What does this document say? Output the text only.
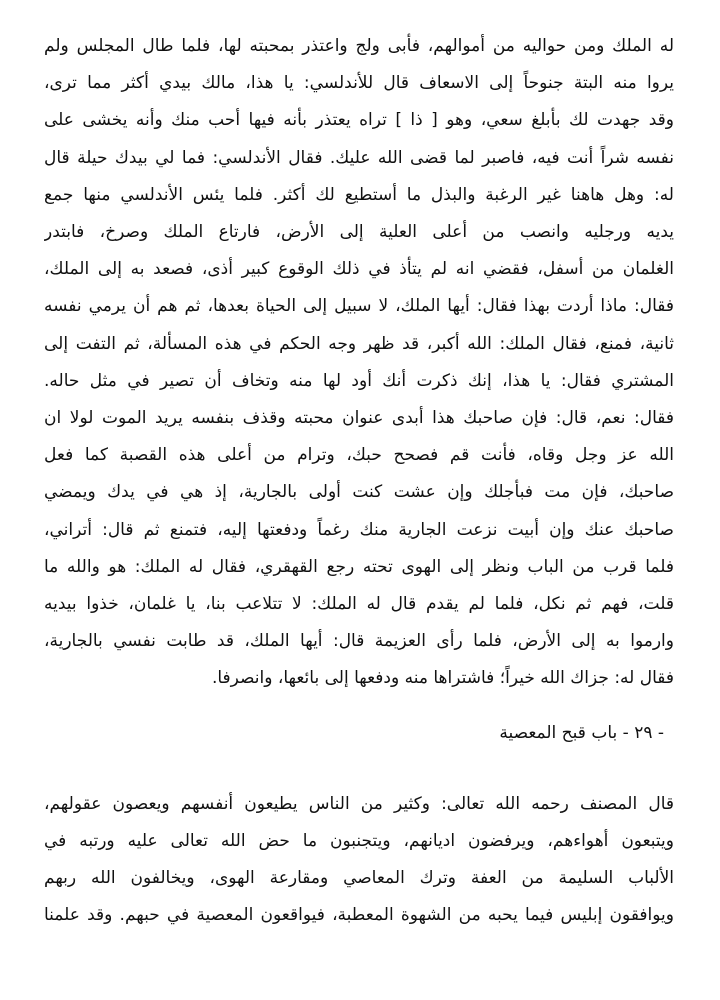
له الملك ومن حواليه من أموالهم، فأبى ولج واعتذر بمحبته لها، فلما طال المجلس ولم
يروا منه البتة جنوحاً إلى الاسعاف قال للأندلسي: يا هذا، مالك بيدي أكثر مما ترى،
وقد جهدت لك بأبلغ سعي، وهو [ ذا ] تراه يعتذر بأنه فيها أحب منك وأنه يخشى على
نفسه شراً أنت فيه، فاصبر لما قضى الله عليك. فقال الأندلسي: فما لي بيدك حيلة قال
له: وهل هاهنا غير الرغبة والبذل ما أستطيع لك أكثر. فلما يئس الأندلسي منها جمع
يديه ورجليه وانصب من أعلى العلية إلى الأرض، فارتاع الملك وصرخ، فابتدر
الغلمان من أسفل، فقضي انه لم يتأذ في ذلك الوقوع كبير أذى، فصعد به إلى الملك،
فقال: ماذا أردت بهذا فقال: أيها الملك، لا سبيل إلى الحياة بعدها، ثم هم أن يرمي نفسه
ثانية، فمنع، فقال الملك: الله أكبر، قد ظهر وجه الحكم في هذه المسألة، ثم التفت إلى
المشتري فقال: يا هذا، إنك ذكرت أنك أود لها منه وتخاف أن تصير في مثل حاله.
فقال: نعم، قال: فإن صاحبك هذا أبدى عنوان محبته وقذف بنفسه يريد الموت لولا ان
الله عز وجل وقاه، فأنت قم فصحح حبك، وترام من أعلى هذه القصبة كما فعل
صاحبك، فإن مت فبأجلك وإن عشت كنت أولى بالجارية، إذ هي في يدك ويمضي
صاحبك عنك وإن أبيت نزعت الجارية منك رغماً ودفعتها إليه، فتمنع ثم قال: أتراني،
فلما قرب من الباب ونظر إلى الهوى تحته رجع القهقري، فقال له الملك: هو والله ما
قلت، فهم ثم نكل، فلما لم يقدم قال له الملك: لا تتلاعب بنا، يا غلمان، خذوا بيديه
وارموا به إلى الأرض، فلما رأى العزيمة قال: أيها الملك، قد طابت نفسي بالجارية،
فقال له: جزاك الله خيراً؛ فاشتراها منه ودفعها إلى بائعها، وانصرفا.

- ٢٩ - باب قبح المعصية

قال المصنف رحمه الله تعالى: وكثير من الناس يطيعون أنفسهم ويعصون عقولهم،
ويتبعون أهواءهم، ويرفضون اديانهم، ويتجنبون ما حض الله تعالى عليه ورتبه في
الألباب السليمة من العفة وترك المعاصي ومقارعة الهوى، ويخالفون الله ربهم
ويوافقون إبليس فيما يحبه من الشهوة المعطبة، فيواقعون المعصية في حبهم. وقد علمنا
